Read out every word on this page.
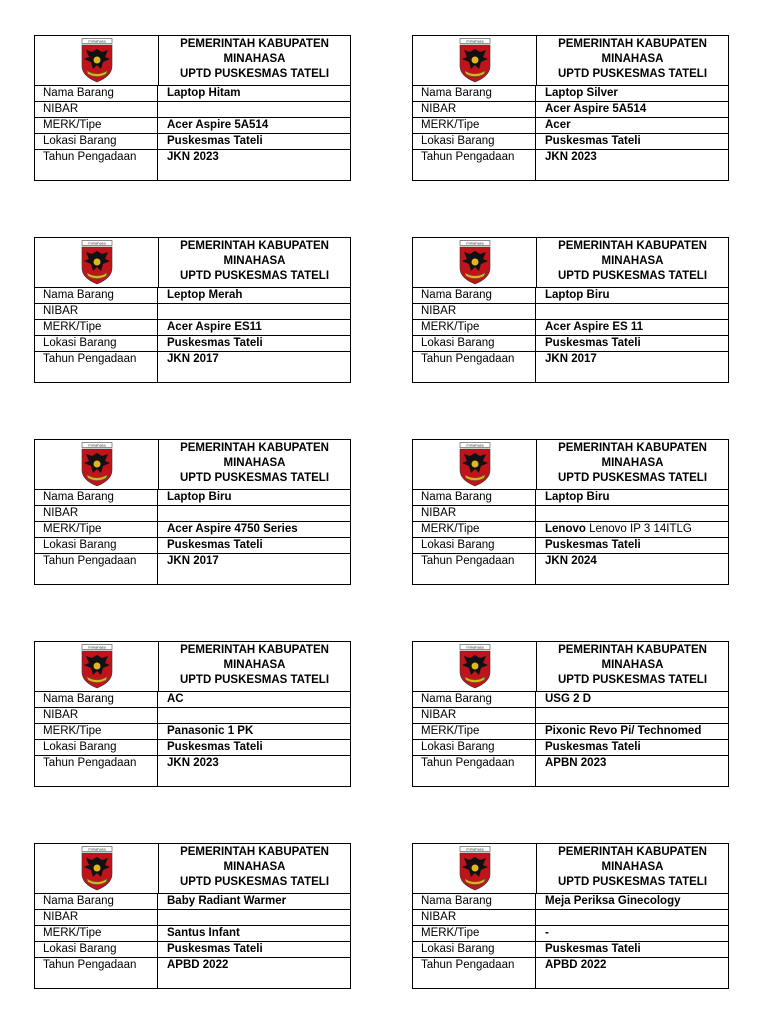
minahasa	PEMERINTAH KABUPATEN
MINAHASA
UPTD PUSKESMAS TATELI
Nama Barang	Laptop Hitam
NIBAR
MERK/Tipe	Acer Aspire 5A514
Lokasi Barang	Puskesmas Tateli
Tahun Pengadaan	JKN 2023
minahasa	PEMERINTAH KABUPATEN
MINAHASA
UPTD PUSKESMAS TATELI
Nama Barang	Laptop Silver
NIBAR	Acer Aspire 5A514
MERK/Tipe	Acer
Lokasi Barang	Puskesmas Tateli
Tahun Pengadaan	JKN 2023
minahasa	PEMERINTAH KABUPATEN
MINAHASA
UPTD PUSKESMAS TATELI
Nama Barang	Leptop Merah
NIBAR
MERK/Tipe	Acer Aspire ES11
Lokasi Barang	Puskesmas Tateli
Tahun Pengadaan	JKN 2017
minahasa	PEMERINTAH KABUPATEN
MINAHASA
UPTD PUSKESMAS TATELI
Nama Barang	Laptop Biru
NIBAR
MERK/Tipe	Acer Aspire ES 11
Lokasi Barang	Puskesmas Tateli
Tahun Pengadaan	JKN 2017
minahasa	PEMERINTAH KABUPATEN
MINAHASA
UPTD PUSKESMAS TATELI
Nama Barang	Laptop Biru
NIBAR
MERK/Tipe	Acer Aspire 4750 Series
Lokasi Barang	Puskesmas Tateli
Tahun Pengadaan	JKN 2017
minahasa	PEMERINTAH KABUPATEN
MINAHASA
UPTD PUSKESMAS TATELI
Nama Barang	Laptop Biru
NIBAR
MERK/Tipe	Lenovo Lenovo IP 3 14ITLG
Lokasi Barang	Puskesmas Tateli
Tahun Pengadaan	JKN 2024
minahasa	PEMERINTAH KABUPATEN
MINAHASA
UPTD PUSKESMAS TATELI
Nama Barang	AC
NIBAR
MERK/Tipe	Panasonic 1 PK
Lokasi Barang	Puskesmas Tateli
Tahun Pengadaan	JKN 2023
minahasa	PEMERINTAH KABUPATEN
MINAHASA
UPTD PUSKESMAS TATELI
Nama Barang	USG 2 D
NIBAR
MERK/Tipe	Pixonic Revo Pi/ Technomed
Lokasi Barang	Puskesmas Tateli
Tahun Pengadaan	APBN 2023
minahasa	PEMERINTAH KABUPATEN
MINAHASA
UPTD PUSKESMAS TATELI
Nama Barang	Baby Radiant Warmer
NIBAR
MERK/Tipe	Santus Infant
Lokasi Barang	Puskesmas Tateli
Tahun Pengadaan	APBD 2022
minahasa	PEMERINTAH KABUPATEN
MINAHASA
UPTD PUSKESMAS TATELI
Nama Barang	Meja Periksa Ginecology
NIBAR
MERK/Tipe	-
Lokasi Barang	Puskesmas Tateli
Tahun Pengadaan	APBD 2022
